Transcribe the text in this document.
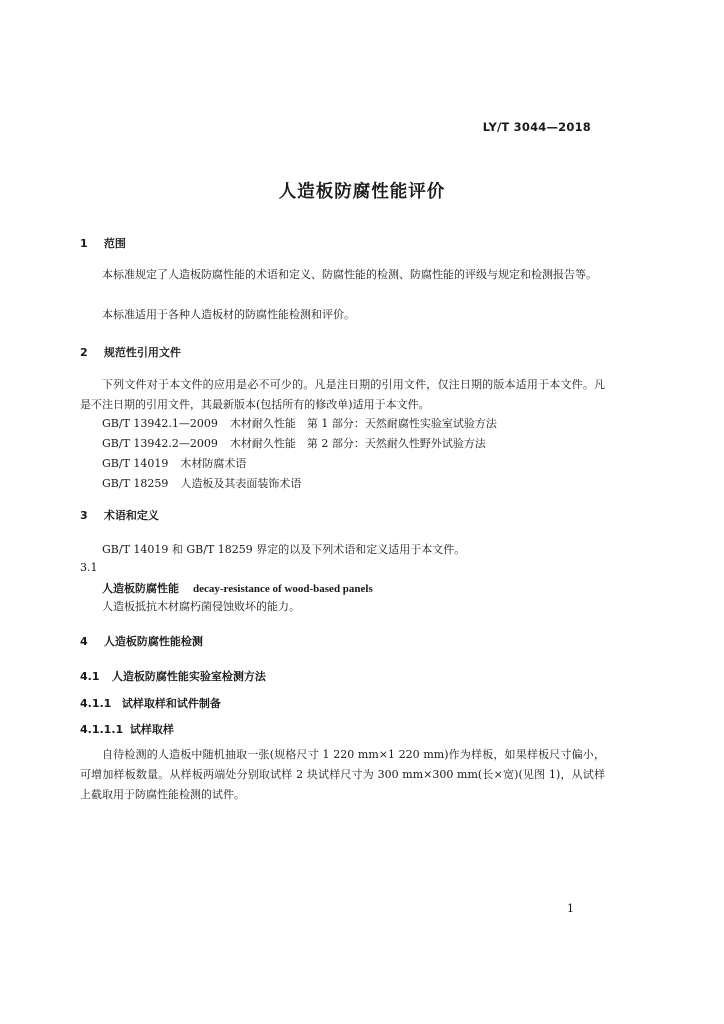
LY/T 3044—2018
人造板防腐性能评价
1 范围
本标准规定了人造板防腐性能的术语和定义、防腐性能的检测、防腐性能的评级与规定和检测报告等。
本标准适用于各种人造板材的防腐性能检测和评价。
2 规范性引用文件
下列文件对于本文件的应用是必不可少的。凡是注日期的引用文件，仅注日期的版本适用于本文件。凡是不注日期的引用文件，其最新版本(包括所有的修改单)适用于本文件。
GB/T 13942.1—2009 木材耐久性能　第 1 部分：天然耐腐性实验室试验方法
GB/T 13942.2—2009 木材耐久性能　第 2 部分：天然耐久性野外试验方法
GB/T 14019 木材防腐术语
GB/T 18259 人造板及其表面装饰术语
3 术语和定义
GB/T 14019 和 GB/T 18259 界定的以及下列术语和定义适用于本文件。
3.1
人造板防腐性能 decay-resistance of wood-based panels
人造板抵抗木材腐朽菌侵蚀败坏的能力。
4 人造板防腐性能检测
4.1 人造板防腐性能实验室检测方法
4.1.1 试样取样和试件制备
4.1.1.1 试样取样
自待检测的人造板中随机抽取一张(规格尺寸 1 220 mm×1 220 mm)作为样板，如果样板尺寸偏小，可增加样板数量。从样板两端处分别取试样 2 块试样尺寸为 300 mm×300 mm(长×宽)(见图 1)，从试样上截取用于防腐性能检测的试件。
1
